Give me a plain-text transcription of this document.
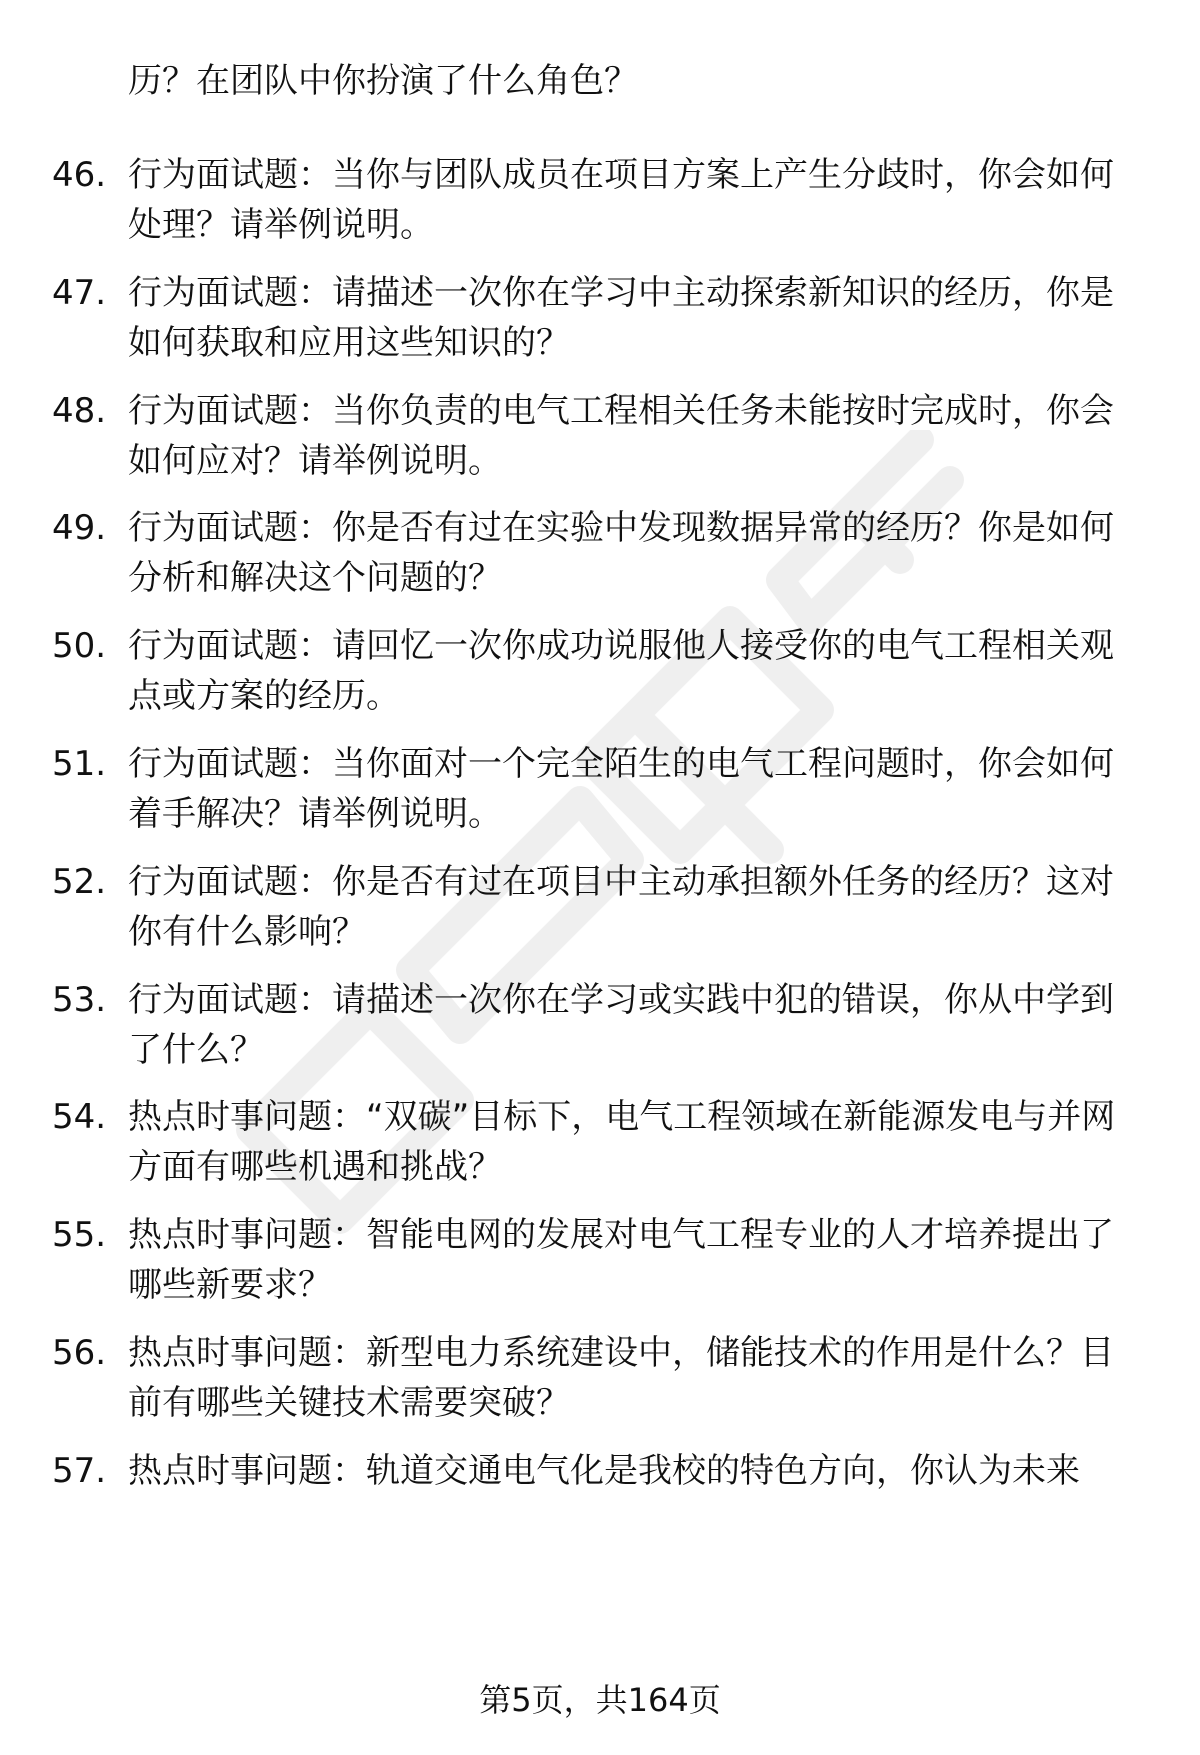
历？在团队中你扮演了什么角色？

46. 行为面试题：当你与团队成员在项目方案上产生分歧时，你会如何处理？请举例说明。
47. 行为面试题：请描述一次你在学习中主动探索新知识的经历，你是如何获取和应用这些知识的？
48. 行为面试题：当你负责的电气工程相关任务未能按时完成时，你会如何应对？请举例说明。
49. 行为面试题：你是否有过在实验中发现数据异常的经历？你是如何分析和解决这个问题的？
50. 行为面试题：请回忆一次你成功说服他人接受你的电气工程相关观点或方案的经历。
51. 行为面试题：当你面对一个完全陌生的电气工程问题时，你会如何着手解决？请举例说明。
52. 行为面试题：你是否有过在项目中主动承担额外任务的经历？这对你有什么影响？
53. 行为面试题：请描述一次你在学习或实践中犯的错误，你从中学到了什么？
54. 热点时事问题：“双碳”目标下，电气工程领域在新能源发电与并网方面有哪些机遇和挑战？
55. 热点时事问题：智能电网的发展对电气工程专业的人才培养提出了哪些新要求？
56. 热点时事问题：新型电力系统建设中，储能技术的作用是什么？目前有哪些关键技术需要突破？
57. 热点时事问题：轨道交通电气化是我校的特色方向，你认为未来
第5页，共164页
